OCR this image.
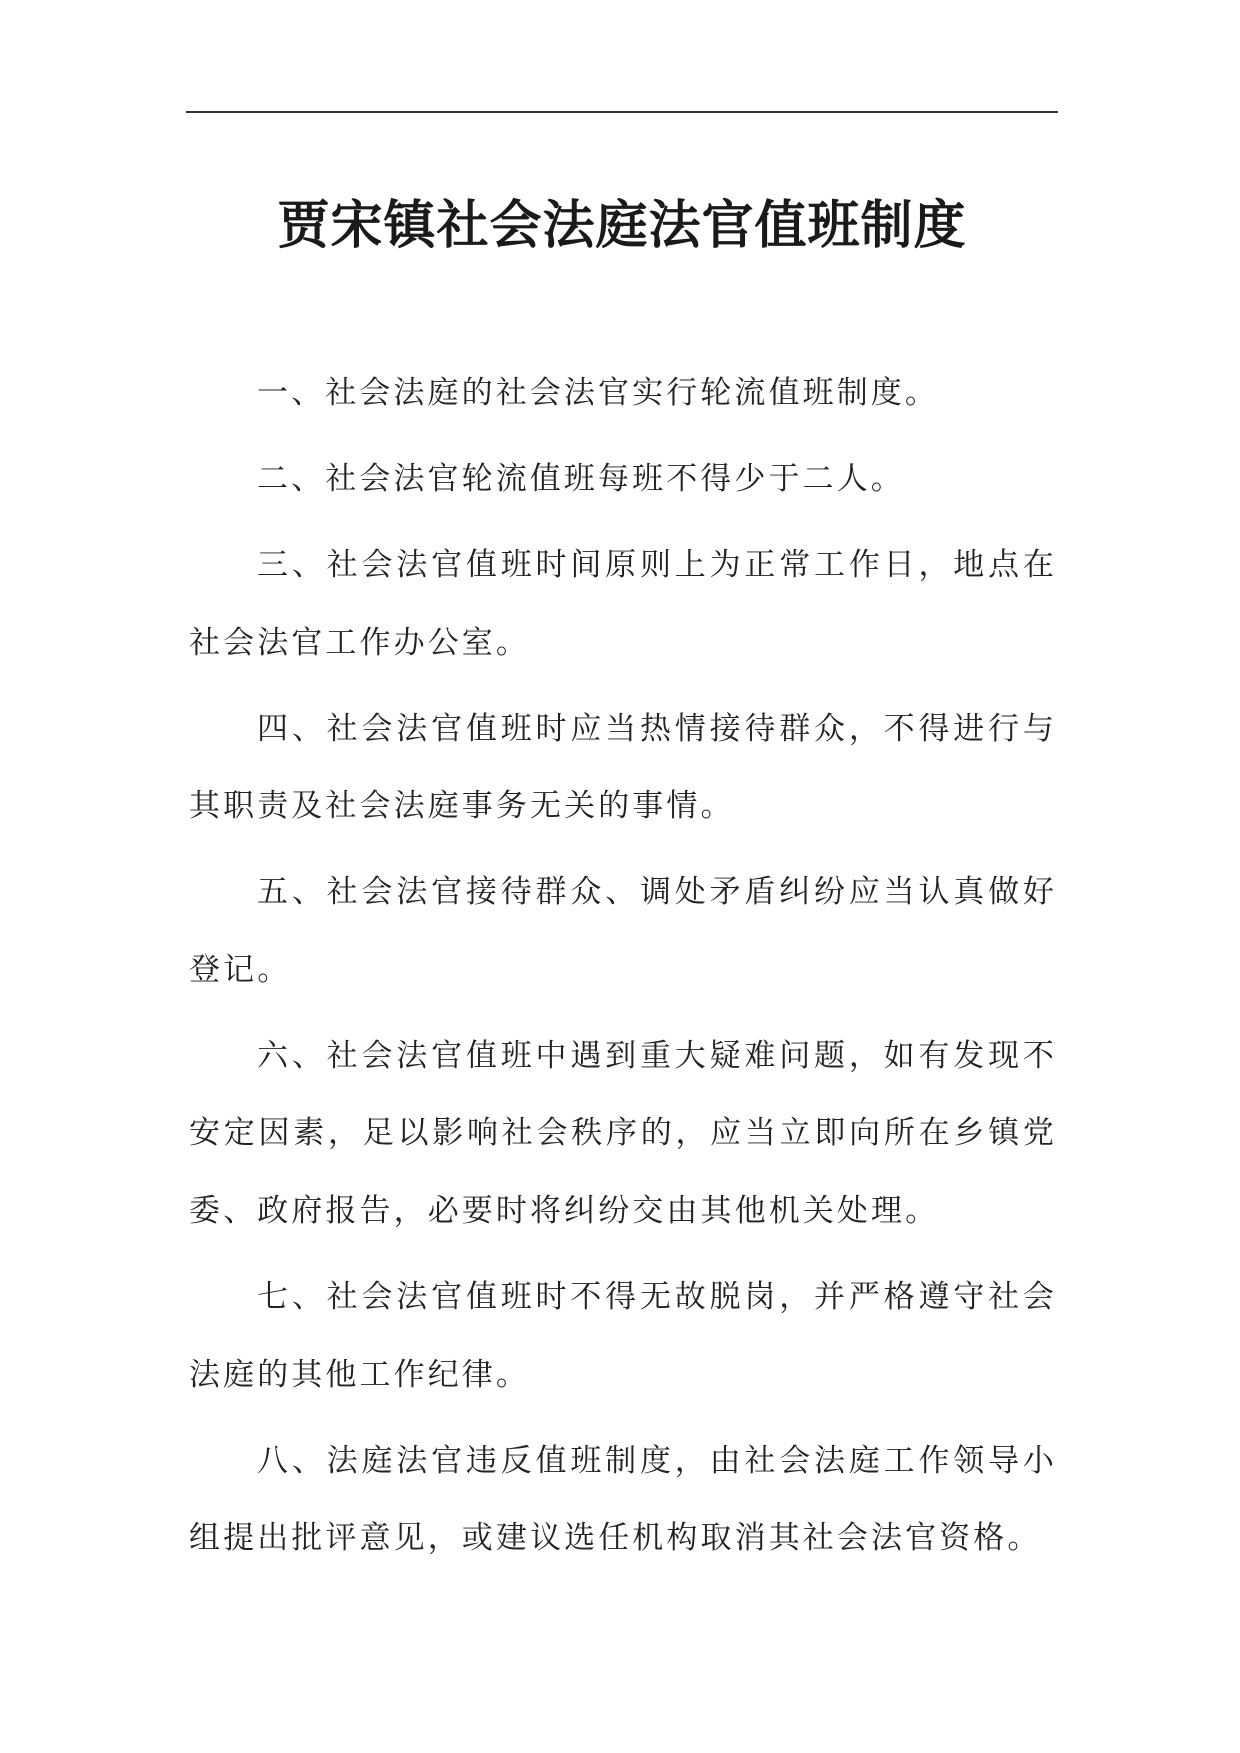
贾宋镇社会法庭法官值班制度

一、社会法庭的社会法官实行轮流值班制度。

二、社会法官轮流值班每班不得少于二人。

三、社会法官值班时间原则上为正常工作日，地点在社会法官工作办公室。

四、社会法官值班时应当热情接待群众，不得进行与其职责及社会法庭事务无关的事情。

五、社会法官接待群众、调处矛盾纠纷应当认真做好登记。

六、社会法官值班中遇到重大疑难问题，如有发现不安定因素，足以影响社会秩序的，应当立即向所在乡镇党委、政府报告，必要时将纠纷交由其他机关处理。

七、社会法官值班时不得无故脱岗，并严格遵守社会法庭的其他工作纪律。

八、法庭法官违反值班制度，由社会法庭工作领导小组提出批评意见，或建议选任机构取消其社会法官资格。
